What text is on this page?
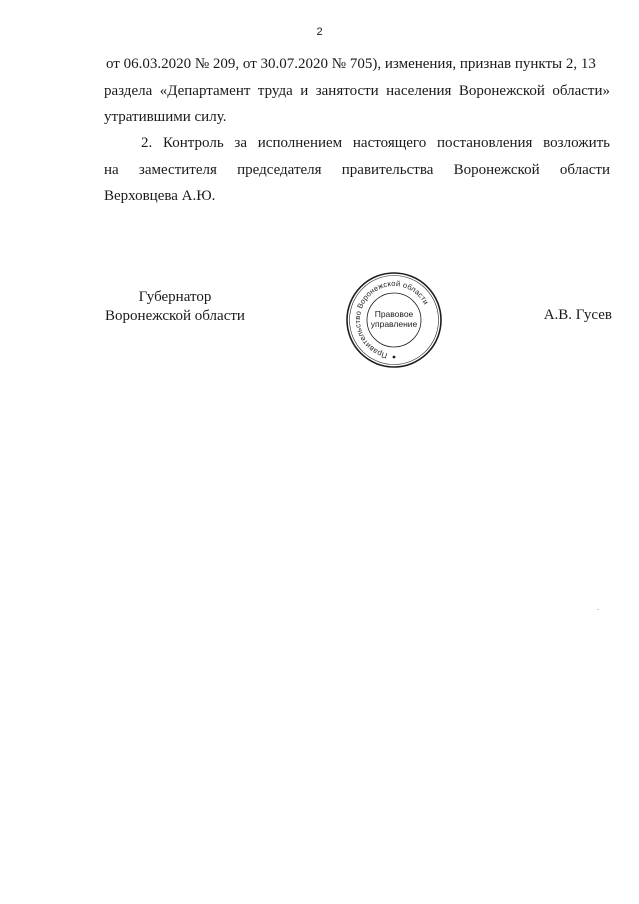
2
от 06.03.2020 № 209, от 30.07.2020 № 705), изменения, признав пункты 2, 13
раздела «Департамент труда и занятости населения Воронежской области»
утратившими силу.
2. Контроль за исполнением настоящего постановления возложить
на заместителя председателя правительства Воронежской области
Верховцева А.Ю.
Губернатор
Воронежской области
Правительство Воронежской области
Правовое
управление
А.В. Гусев
